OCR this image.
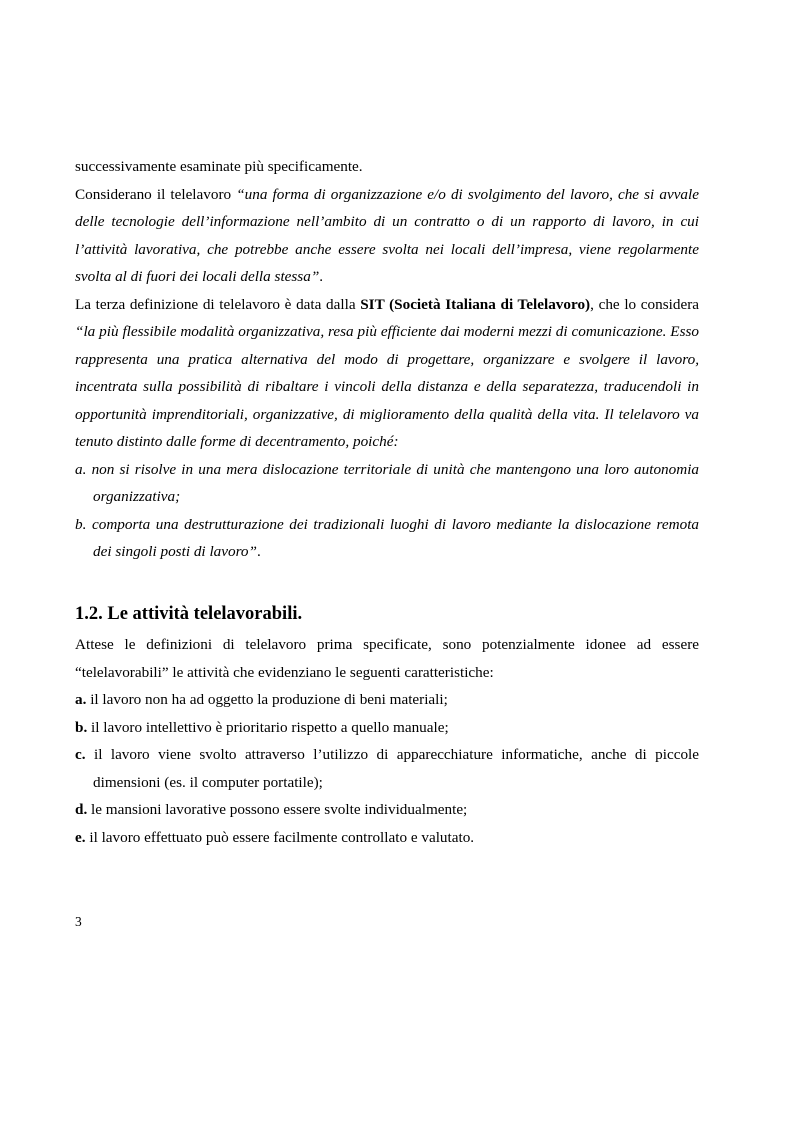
successivamente esaminate più specificamente.

Considerano il telelavoro “una forma di organizzazione e/o di svolgimento del lavoro, che si avvale delle tecnologie dell’informazione nell’ambito di un contratto o di un rapporto di lavoro, in cui l’attività lavorativa, che potrebbe anche essere svolta nei locali dell’impresa, viene regolarmente svolta al di fuori dei locali della stessa”.

La terza definizione di telelavoro è data dalla SIT (Società Italiana di Telelavoro), che lo considera “la più flessibile modalità organizzativa, resa più efficiente dai moderni mezzi di comunicazione. Esso rappresenta una pratica alternativa del modo di progettare, organizzare e svolgere il lavoro, incentrata sulla possibilità di ribaltare i vincoli della distanza e della separatezza, traducendoli in opportunità imprenditoriali, organizzative, di miglioramento della qualità della vita. Il telelavoro va tenuto distinto dalle forme di decentramento, poiché:

a. non si risolve in una mera dislocazione territoriale di unità che mantengono una loro autonomia organizzativa;

b. comporta una destrutturazione dei tradizionali luoghi di lavoro mediante la dislocazione remota dei singoli posti di lavoro”.

1.2. Le attività telelavorabili.

Attese le definizioni di telelavoro prima specificate, sono potenzialmente idonee ad essere “telelavorabili” le attività che evidenziano le seguenti caratteristiche:

a. il lavoro non ha ad oggetto la produzione di beni materiali;

b. il lavoro intellettivo è prioritario rispetto a quello manuale;

c. il lavoro viene svolto attraverso l’utilizzo di apparecchiature informatiche, anche di piccole dimensioni (es. il computer portatile);

d. le mansioni lavorative possono essere svolte individualmente;

e. il lavoro effettuato può essere facilmente controllato e valutato.

3
